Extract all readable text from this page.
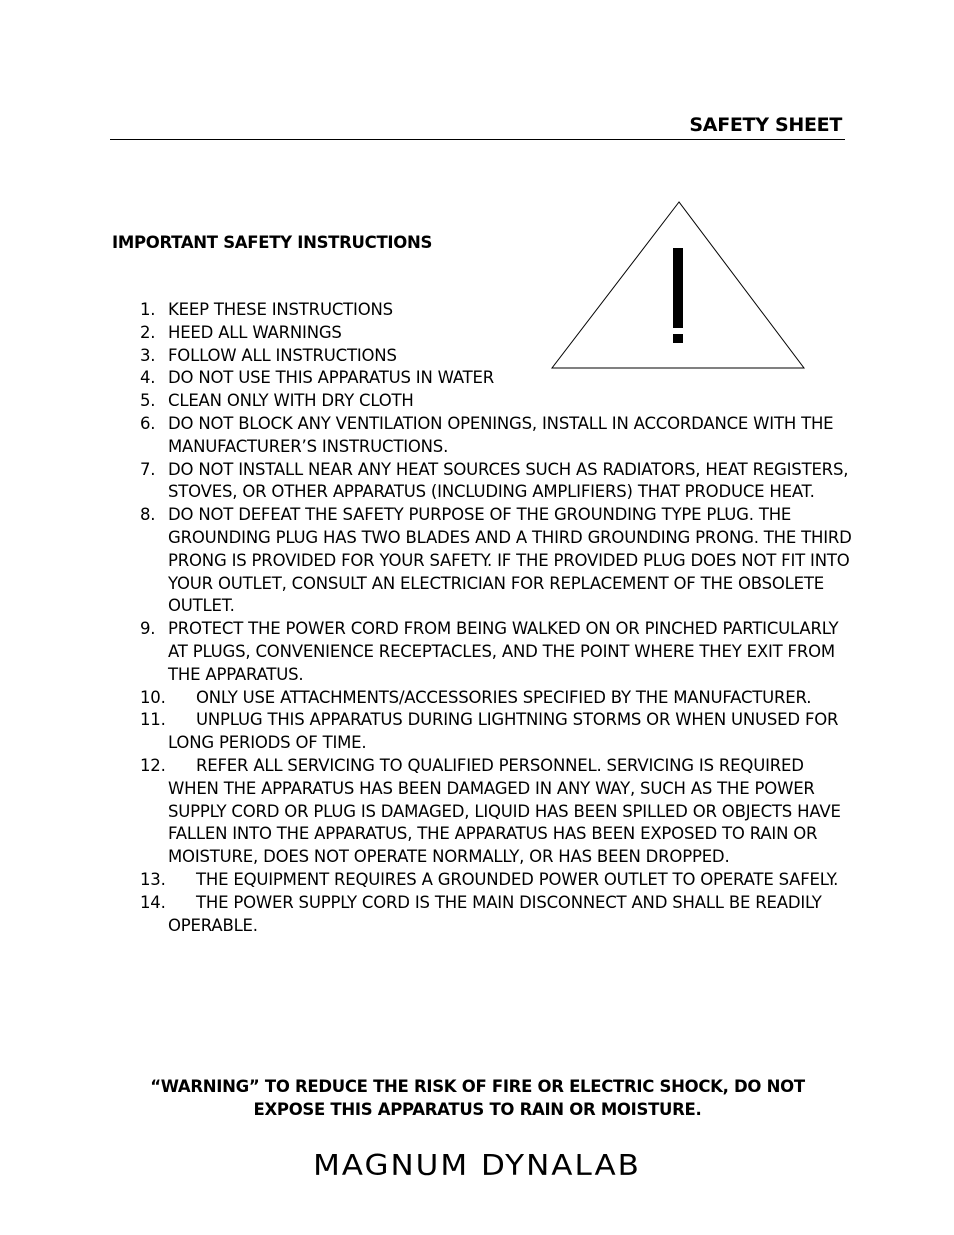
SAFETY SHEET
IMPORTANT SAFETY INSTRUCTIONS
1. KEEP THESE INSTRUCTIONS
2. HEED ALL WARNINGS
3. FOLLOW ALL INSTRUCTIONS
4. DO NOT USE THIS APPARATUS IN WATER
5. CLEAN ONLY WITH DRY CLOTH
6. DO NOT BLOCK ANY VENTILATION OPENINGS, INSTALL IN ACCORDANCE WITH THE MANUFACTURER’S INSTRUCTIONS.
7. DO NOT INSTALL NEAR ANY HEAT SOURCES SUCH AS RADIATORS, HEAT REGISTERS, STOVES, OR OTHER APPARATUS (INCLUDING AMPLIFIERS) THAT PRODUCE HEAT.
8. DO NOT DEFEAT THE SAFETY PURPOSE OF THE GROUNDING TYPE PLUG. THE GROUNDING PLUG HAS TWO BLADES AND A THIRD GROUNDING PRONG. THE THIRD PRONG IS PROVIDED FOR YOUR SAFETY. IF THE PROVIDED PLUG DOES NOT FIT INTO YOUR OUTLET, CONSULT AN ELECTRICIAN FOR REPLACEMENT OF THE OBSOLETE OUTLET.
9. PROTECT THE POWER CORD FROM BEING WALKED ON OR PINCHED PARTICULARLY AT PLUGS, CONVENIENCE RECEPTACLES, AND THE POINT WHERE THEY EXIT FROM THE APPARATUS.
10. ONLY USE ATTACHMENTS/ACCESSORIES SPECIFIED BY THE MANUFACTURER.
11. UNPLUG THIS APPARATUS DURING LIGHTNING STORMS OR WHEN UNUSED FOR LONG PERIODS OF TIME.
12. REFER ALL SERVICING TO QUALIFIED PERSONNEL. SERVICING IS REQUIRED WHEN THE APPARATUS HAS BEEN DAMAGED IN ANY WAY, SUCH AS THE POWER SUPPLY CORD OR PLUG IS DAMAGED, LIQUID HAS BEEN SPILLED OR OBJECTS HAVE FALLEN INTO THE APPARATUS, THE APPARATUS HAS BEEN EXPOSED TO RAIN OR MOISTURE, DOES NOT OPERATE NORMALLY, OR HAS BEEN DROPPED.
13. THE EQUIPMENT REQUIRES A GROUNDED POWER OUTLET TO OPERATE SAFELY.
14. THE POWER SUPPLY CORD IS THE MAIN DISCONNECT AND SHALL BE READILY OPERABLE.
“WARNING” TO REDUCE THE RISK OF FIRE OR ELECTRIC SHOCK, DO NOT
EXPOSE THIS APPARATUS TO RAIN OR MOISTURE.
MAGNUM DYNALAB
